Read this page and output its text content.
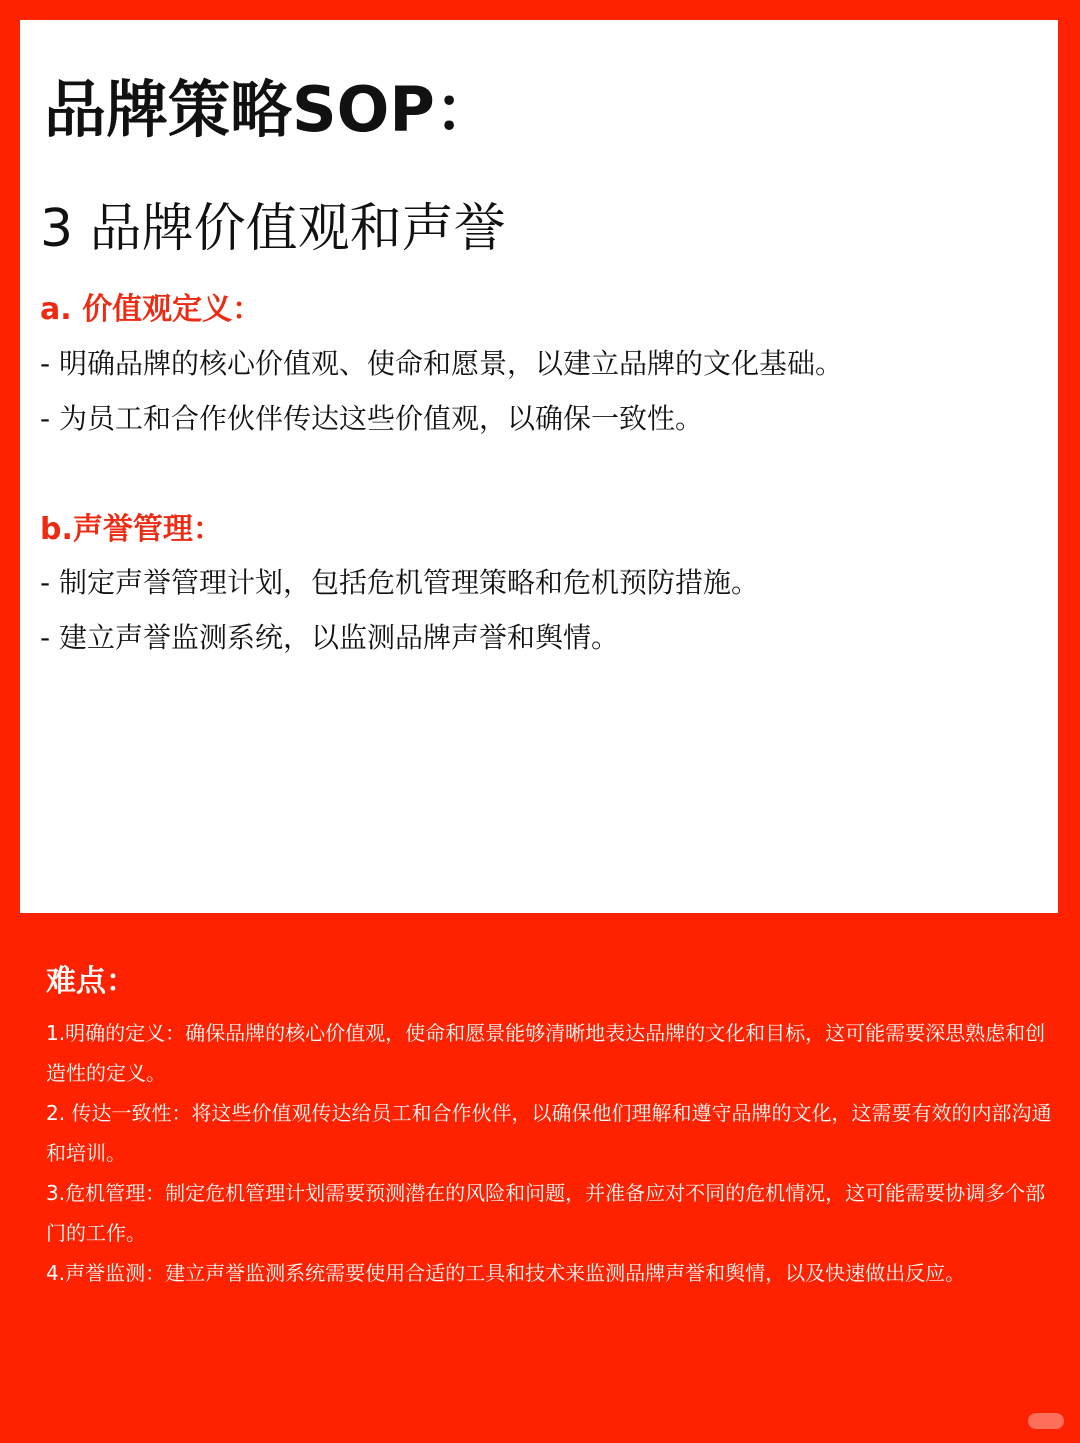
品牌策略SOP：
3 品牌价值观和声誉

a. 价值观定义：

- 明确品牌的核心价值观、使命和愿景，以建立品牌的文化基础。

- 为员工和合作伙伴传达这些价值观，以确保一致性。

b.声誉管理：

- 制定声誉管理计划，包括危机管理策略和危机预防措施。

- 建立声誉监测系统，以监测品牌声誉和舆情。

难点：

1.明确的定义：确保品牌的核心价值观，使命和愿景能够清晰地表达品牌的文化和目标，这可能需要深思熟虑和创造性的定义。

2. 传达一致性：将这些价值观传达给员工和合作伙伴，以确保他们理解和遵守品牌的文化，这需要有效的内部沟通和培训。

3.危机管理：制定危机管理计划需要预测潜在的风险和问题，并准备应对不同的危机情况，这可能需要协调多个部门的工作。

4.声誉监测：建立声誉监测系统需要使用合适的工具和技术来监测品牌声誉和舆情，以及快速做出反应。
